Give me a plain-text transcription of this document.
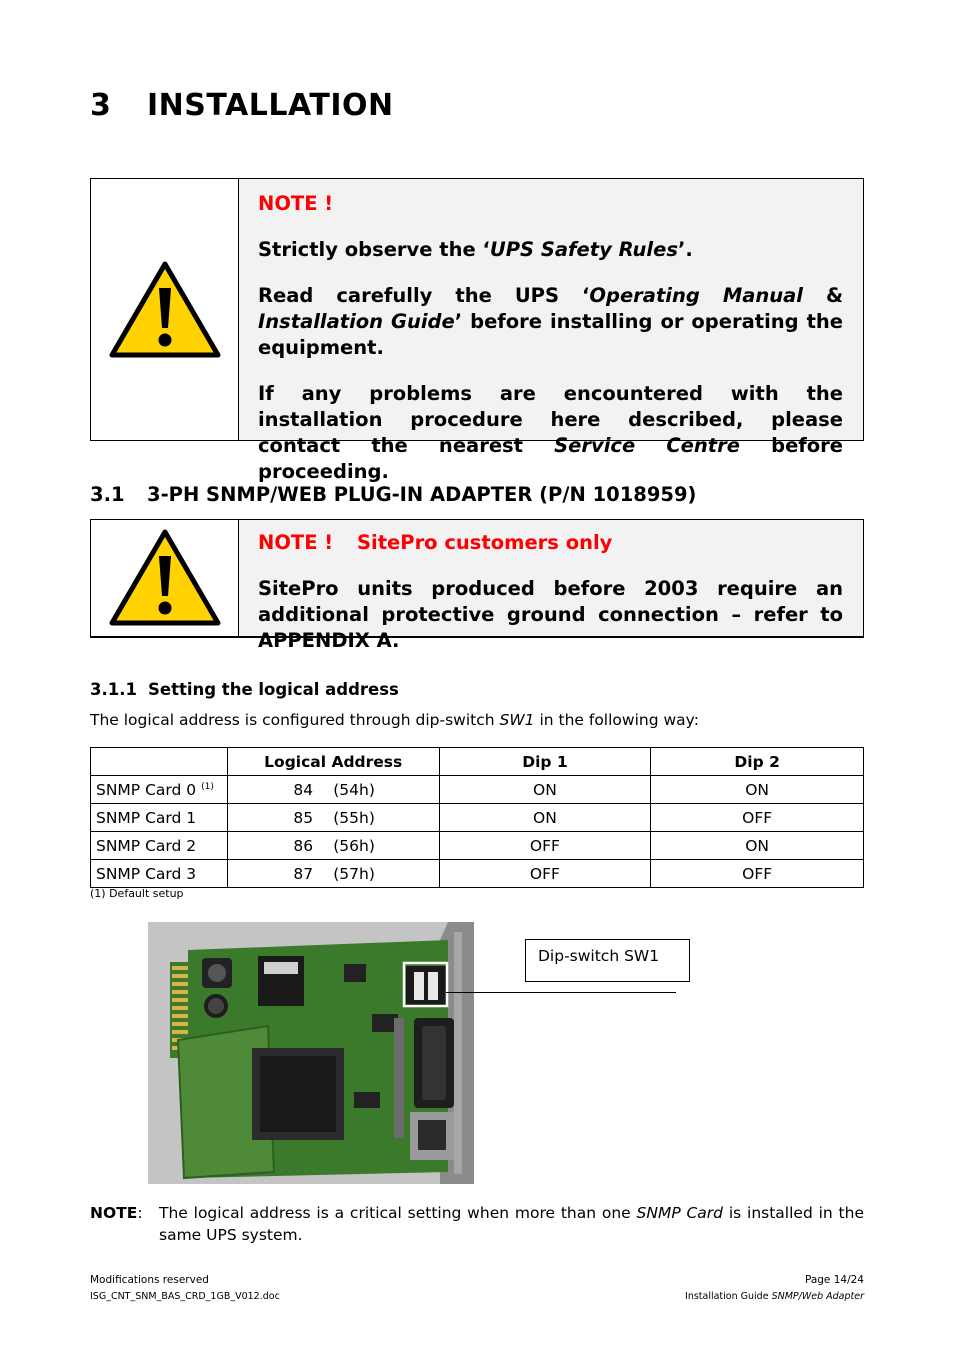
3 INSTALLATION

NOTE !

Strictly observe the ‘UPS Safety Rules’.

Read carefully the UPS ‘Operating Manual & Installation Guide’ before installing or operating the equipment.

If any problems are encountered with the installation procedure here described, please contact the nearest Service Centre before proceeding.

3.1 3-PH SNMP/WEB PLUG-IN ADAPTER (P/N 1018959)

NOTE ! SitePro customers only

SitePro units produced before 2003 require an additional protective ground connection – refer to APPENDIX A.

3.1.1 Setting the logical address
The logical address is configured through dip-switch SW1 in the following way:
	Logical Address	Dip 1	Dip 2
SNMP Card 0 $^{(1)}$	84 (54h)	ON	ON
SNMP Card 1	85 (55h)	ON	OFF
SNMP Card 2	86 (56h)	OFF	ON
SNMP Card 3	87 (57h)	OFF	OFF
(1) Default setup
Dip-switch SW1
NOTE:	The logical address is a critical setting when more than one SNMP Card is installed in the same UPS system.
Modifications reserved
ISG_CNT_SNM_BAS_CRD_1GB_V012.doc
Page 14/24
Installation Guide SNMP/Web Adapter
